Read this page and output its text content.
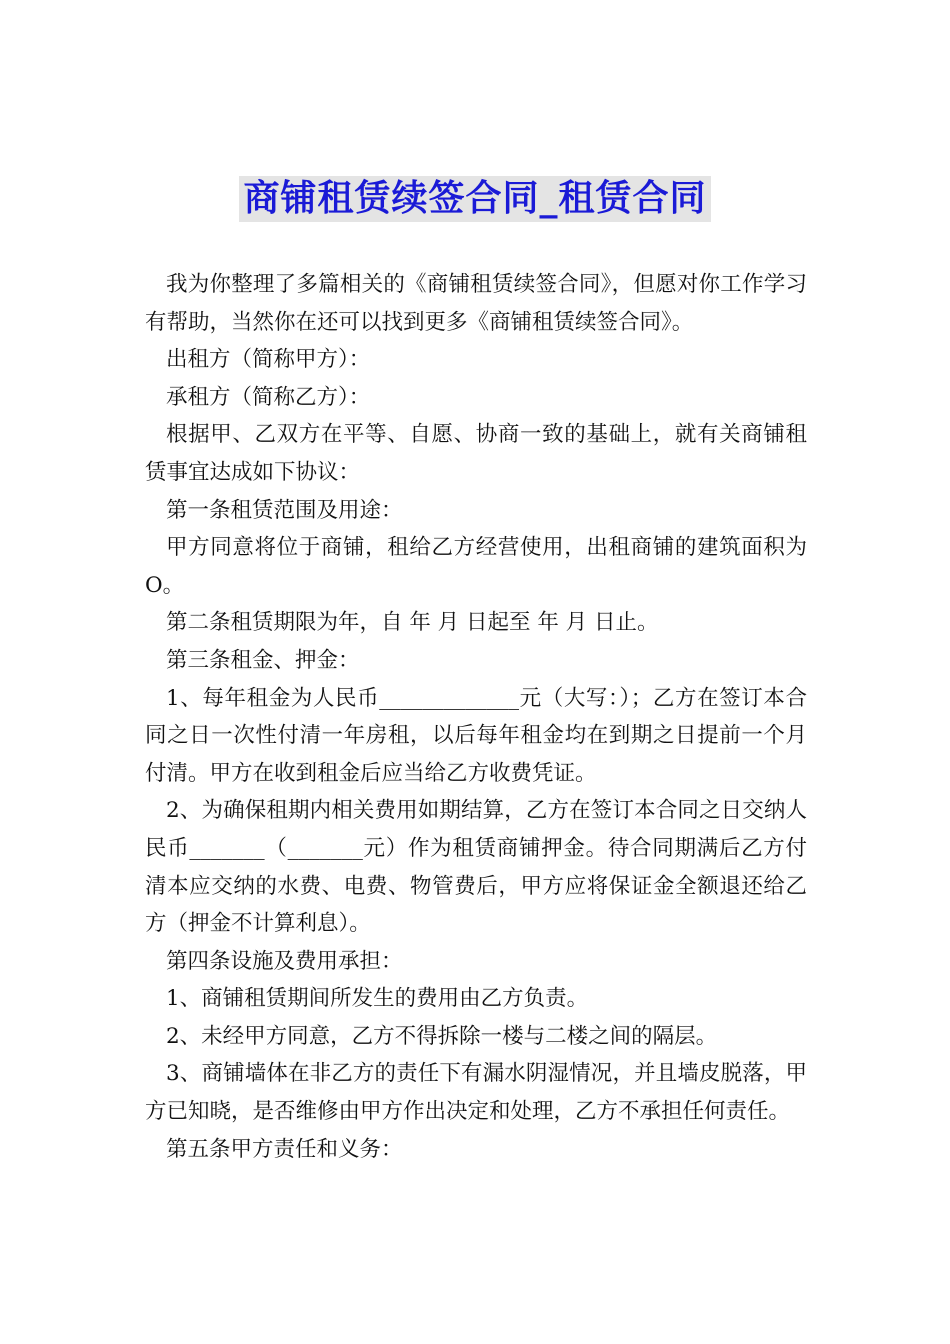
商铺租赁续签合同_租赁合同

我为你整理了多篇相关的《商铺租赁续签合同》，但愿对你工作学习有帮助，当然你在还可以找到更多《商铺租赁续签合同》。

出租方（简称甲方）：

承租方（简称乙方）：

根据甲、乙双方在平等、自愿、协商一致的基础上，就有关商铺租赁事宜达成如下协议：

第一条租赁范围及用途：

甲方同意将位于商铺，租给乙方经营使用，出租商铺的建筑面积为O。

第二条租赁期限为年，自 年 月 日起至 年 月 日止。

第三条租金、押金：

1、每年租金为人民币_____________元（大写：）；乙方在签订本合同之日一次性付清一年房租，以后每年租金均在到期之日提前一个月付清。甲方在收到租金后应当给乙方收费凭证。

2、为确保租期内相关费用如期结算，乙方在签订本合同之日交纳人民币_______（_______元）作为租赁商铺押金。待合同期满后乙方付清本应交纳的水费、电费、物管费后，甲方应将保证金全额退还给乙方（押金不计算利息）。

第四条设施及费用承担：

1、商铺租赁期间所发生的费用由乙方负责。

2、未经甲方同意，乙方不得拆除一楼与二楼之间的隔层。

3、商铺墙体在非乙方的责任下有漏水阴湿情况，并且墙皮脱落，甲方已知晓，是否维修由甲方作出决定和处理，乙方不承担任何责任。

第五条甲方责任和义务：
